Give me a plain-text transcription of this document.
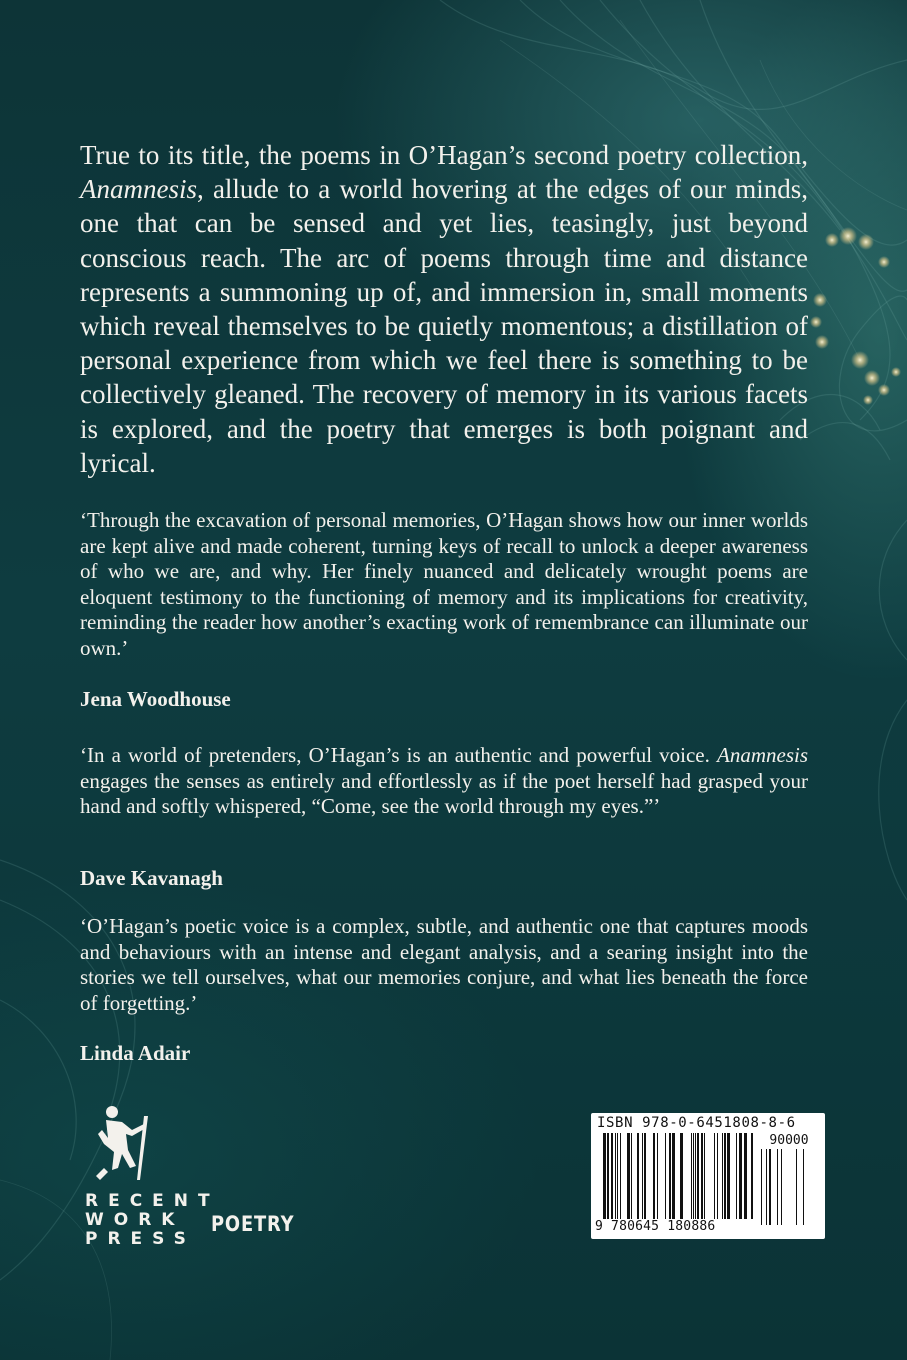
True to its title, the poems in O’Hagan’s second poetry collection, Anamnesis, allude to a world hovering at the edges of our minds, one that can be sensed and yet lies, teasingly, just beyond conscious reach. The arc of poems through time and distance represents a summoning up of, and immersion in, small moments which reveal themselves to be quietly momentous; a distillation of personal experience from which we feel there is something to be collectively gleaned. The recovery of memory in its various facets is explored, and the poetry that emerges is both poignant and lyrical.
‘Through the excavation of personal memories, O’Hagan shows how our inner worlds are kept alive and made coherent, turning keys of recall to unlock a deeper awareness of who we are, and why. Her finely nuanced and delicately wrought poems are eloquent testimony to the functioning of memory and its implications for creativity, reminding the reader how another’s exacting work of remembrance can illuminate our own.’
Jena Woodhouse
‘In a world of pretenders, O’Hagan’s is an authentic and powerful voice. Anamnesis engages the senses as entirely and effortlessly as if the poet herself had grasped your hand and softly whispered, “Come, see the world through my eyes.”’
Dave Kavanagh
‘O’Hagan’s poetic voice is a complex, subtle, and authentic one that captures moods and behaviours with an intense and elegant analysis, and a searing insight into the stories we tell ourselves, what our memories conjure, and what lies beneath the force of forgetting.’
Linda Adair
RECENT
WORK
PRESS
POETRY
ISBN 978-0-6451808-8-6
90000
9 780645 180886
